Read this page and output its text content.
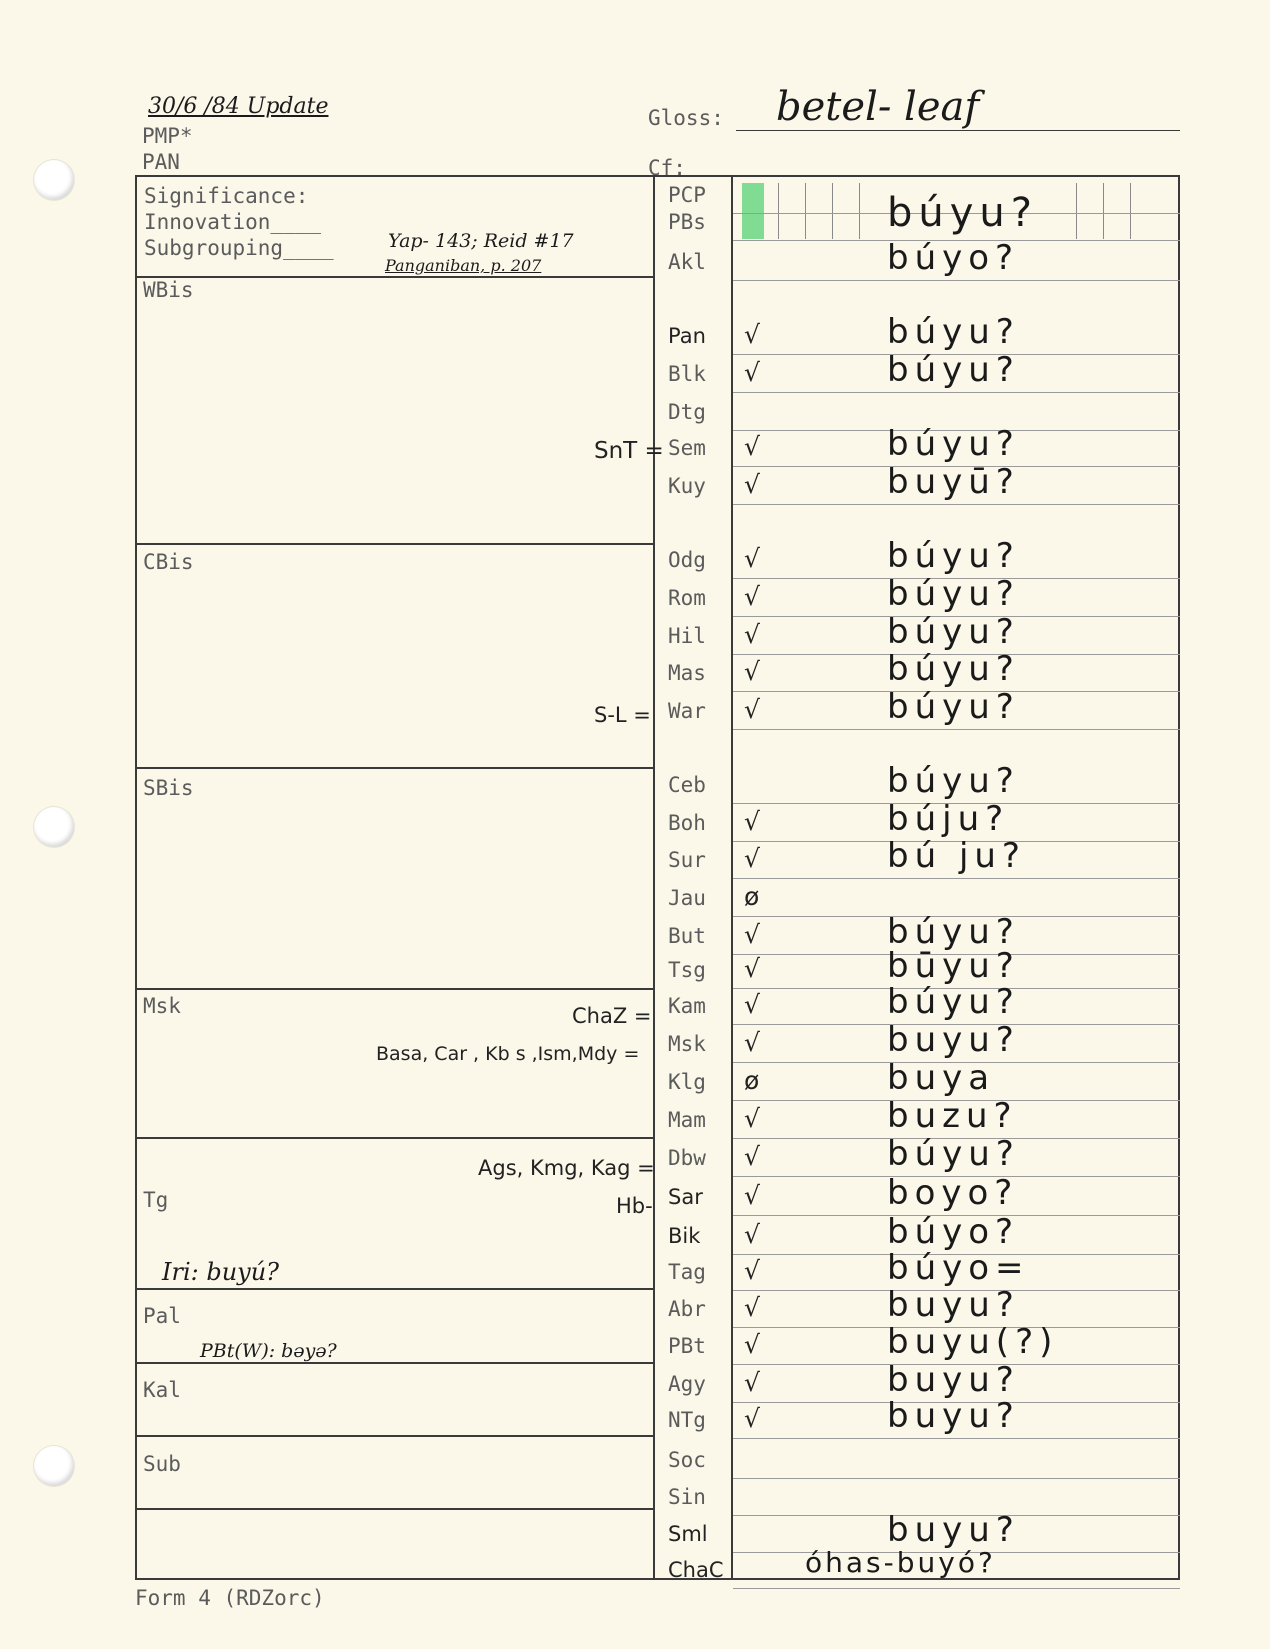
30/6 /84 Update
PMP*
PAN
Gloss: betel- leaf
Cf:
Significance:
Innovation____
Subgrouping____	Yap- 143; Reid #17
Panganiban, p. 207
WBis
CBis
SBis
Msk
Tg
Pal
Kal
Sub
SnT =
S-L =
ChaZ =
Basa, Car , Kb s ,Ism,Mdy =
Ags, Kmg, Kag =
Hb-
Iri: buyú?
PBt(W): bəyə?
PCP
PBs	búyu?
Akl	búyo?
Pan √	búyu?
Blk √	búyu?
Dtg
Sem √	búyu?
Kuy √	buyū?
Odg √	búyu?
Rom √	búyu?
Hil √	búyu?
Mas √	búyu?
War √	búyu?
Ceb	búyu?
Boh √	búju?
Sur √	bú ju?
Jau ø
But √	búyu?
Tsg √	būyu?
Kam √	búyu?
Msk √	buyu?
Klg ø	buya
Mam √	buzu?
Dbw √	búyu?
Sar √	boyo?
Bik √	búyo?
Tag √	búyo=
Abr √	buyu?
PBt √	buyu(?)
Agy √	buyu?
NTg √	buyu?
Soc
Sin
Sml	buyu?
ChaC	óhas-buyó?
Form 4 (RDZorc)
